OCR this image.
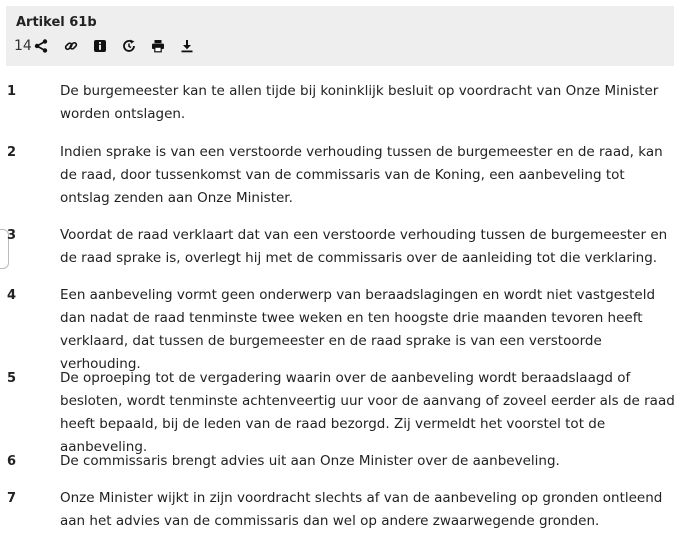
Artikel 61b
14
1	De burgemeester kan te allen tijde bij koninklijk besluit op voordracht van Onze Minister worden ontslagen.

2	Indien sprake is van een verstoorde verhouding tussen de burgemeester en de raad, kan de raad, door tussenkomst van de commissaris van de Koning, een aanbeveling tot ontslag zenden aan Onze Minister.

3	Voordat de raad verklaart dat van een verstoorde verhouding tussen de burgemeester en de raad sprake is, overlegt hij met de commissaris over de aanleiding tot die verklaring.

4	Een aanbeveling vormt geen onderwerp van beraadslagingen en wordt niet vastgesteld dan nadat de raad tenminste twee weken en ten hoogste drie maanden tevoren heeft verklaard, dat tussen de burgemeester en de raad sprake is van een verstoorde verhouding.

5	De oproeping tot de vergadering waarin over de aanbeveling wordt beraadslaagd of besloten, wordt tenminste achtenveertig uur voor de aanvang of zoveel eerder als de raad heeft bepaald, bij de leden van de raad bezorgd. Zij vermeldt het voorstel tot de aanbeveling.

6	De commissaris brengt advies uit aan Onze Minister over de aanbeveling.

7	Onze Minister wijkt in zijn voordracht slechts af van de aanbeveling op gronden ontleend aan het advies van de commissaris dan wel op andere zwaarwegende gronden.
